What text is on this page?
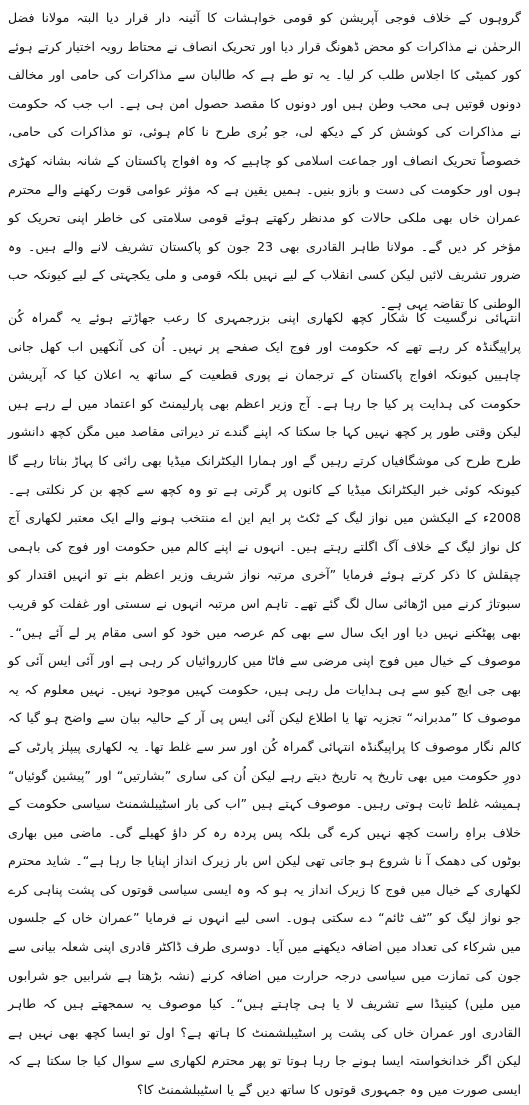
گروہوں کے خلاف فوجی آپریشن کو قومی خواہشات کا آئینہ دار قرار دیا البتہ مولانا فضل الرحمٰن نے مذاکرات کو محض ڈھونگ قرار دیا اور تحریک انصاف نے محتاط رویہ اختیار کرتے ہوئے کور کمیٹی کا اجلاس طلب کر لیا۔ یہ تو طے ہے کہ طالبان سے مذاکرات کی حامی اور مخالف دونوں قوتیں ہی محب وطن ہیں اور دونوں کا مقصد حصول امن ہی ہے۔ اب جب کہ حکومت نے مذاکرات کی کوشش کر کے دیکھ لی، جو بُری طرح نا کام ہوئی، تو مذاکرات کی حامی، خصوصاً تحریک انصاف اور جماعت اسلامی کو چاہیے کہ وہ افواج پاکستان کے شانہ بشانہ کھڑی ہوں اور حکومت کی دست و بازو بنیں۔ ہمیں یقین ہے کہ مؤثر عوامی قوت رکھنے والے محترم عمران خاں بھی ملکی حالات کو مدنظر رکھتے ہوئے قومی سلامتی کی خاطر اپنی تحریک کو مؤخر کر دیں گے۔ مولانا طاہر القادری بھی 23 جون کو پاکستان تشریف لانے والے ہیں۔ وہ ضرور تشریف لائیں لیکن کسی انقلاب کے لیے نہیں بلکہ قومی و ملی یکجہتی کے لیے کیونکہ حب الوطنی کا تقاضہ یہی ہے۔

انتہائی نرگسیت کا شکار کچھ لکھاری اپنی بزرجمہری کا رعب جھاڑتے ہوئے یہ گمراہ کُن پراپیگنڈہ کر رہے تھے کہ حکومت اور فوج ایک صفحے پر نہیں۔ اُن کی آنکھیں اب کھل جانی چاہییں کیونکہ افواج پاکستان کے ترجمان نے پوری قطعیت کے ساتھ یہ اعلان کیا کہ آپریشن حکومت کی ہدایت پر کیا جا رہا ہے۔ آج وزیر اعظم بھی پارلیمنٹ کو اعتماد میں لے رہے ہیں لیکن وقتی طور پر کچھ نہیں کہا جا سکتا کہ اپنے گندے تر دیراتی مقاصد میں مگن کچھ دانشور طرح طرح کی موشگافیاں کرتے رہیں گے اور ہمارا الیکٹرانک میڈیا بھی رائی کا پہاڑ بناتا رہے گا کیونکہ کوئی خبر الیکٹرانک میڈیا کے کانوں پر گرتی ہے تو وہ کچھ سے کچھ بن کر نکلتی ہے۔ 2008ء کے الیکشن میں نواز لیگ کے ٹکٹ پر ایم این اے منتخب ہونے والے ایک معتبر لکھاری آج کل نواز لیگ کے خلاف آگ اگلتے رہتے ہیں۔ انہوں نے اپنے کالم میں حکومت اور فوج کی باہمی چپقلش کا ذکر کرتے ہوئے فرمایا ”آخری مرتبہ نواز شریف وزیر اعظم بنے تو انہیں اقتدار کو سبوتاژ کرنے میں اڑھائی سال لگ گئے تھے۔ تاہم اس مرتبہ انہوں نے سستی اور غفلت کو قریب بھی پھٹکنے نہیں دیا اور ایک سال سے بھی کم عرصہ میں خود کو اسی مقام پر لے آئے ہیں“۔ موصوف کے خیال میں فوج اپنی مرضی سے فاٹا میں کارروائیاں کر رہی ہے اور آئی ایس آئی کو بھی جی ایچ کیو سے ہی ہدایات مل رہی ہیں، حکومت کہیں موجود نہیں۔ نہیں معلوم کہ یہ موصوف کا ”مدبرانہ“ تجزیہ تھا یا اطلاع لیکن آئی ایس پی آر کے حالیہ بیان سے واضح ہو گیا کہ کالم نگار موصوف کا پراپیگنڈہ انتہائی گمراہ کُن اور سر سے غلط تھا۔ یہ لکھاری پیپلز پارٹی کے دورِ حکومت میں بھی تاریخ پہ تاریخ دیتے رہے لیکن اُن کی ساری ”بشارتیں“ اور ”پیشین گوئیاں“ ہمیشہ غلط ثابت ہوتی رہیں۔ موصوف کہتے ہیں ”اب کی بار اسٹیبلشمنٹ سیاسی حکومت کے خلاف براہِ راست کچھ نہیں کرے گی بلکہ پس پردہ رہ کر داؤ کھیلے گی۔ ماضی میں بھاری بوٹوں کی دھمک آ نا شروع ہو جاتی تھی لیکن اس بار زیرک انداز اپنایا جا رہا ہے“۔ شاید محترم لکھاری کے خیال میں فوج کا زیرک انداز یہ ہو کہ وہ ایسی سیاسی قوتوں کی پشت پناہی کرے جو نواز لیگ کو ”ٹف ٹائم“ دے سکتی ہوں۔ اسی لیے انہوں نے فرمایا ”عمران خاں کے جلسوں میں شرکاء کی تعداد میں اضافہ دیکھنے میں آیا۔ دوسری طرف ڈاکٹر قادری اپنی شعلہ بیانی سے جون کی تمازت میں سیاسی درجہ حرارت میں اضافہ کرنے (نشہ بڑھتا ہے شرابیں جو شرابوں میں ملیں) کینیڈا سے تشریف لا یا ہی چاہتے ہیں“۔ کیا موصوف یہ سمجھتے ہیں کہ طاہر القادری اور عمران خاں کی پشت پر اسٹیبلشمنٹ کا ہاتھ ہے؟ اول تو ایسا کچھ بھی نہیں ہے لیکن اگر خدانخواستہ ایسا ہونے جا رہا ہوتا تو پھر محترم لکھاری سے سوال کیا جا سکتا ہے کہ ایسی صورت میں وہ جمہوری قوتوں کا ساتھ دیں گے یا اسٹیبلشمنٹ کا؟
